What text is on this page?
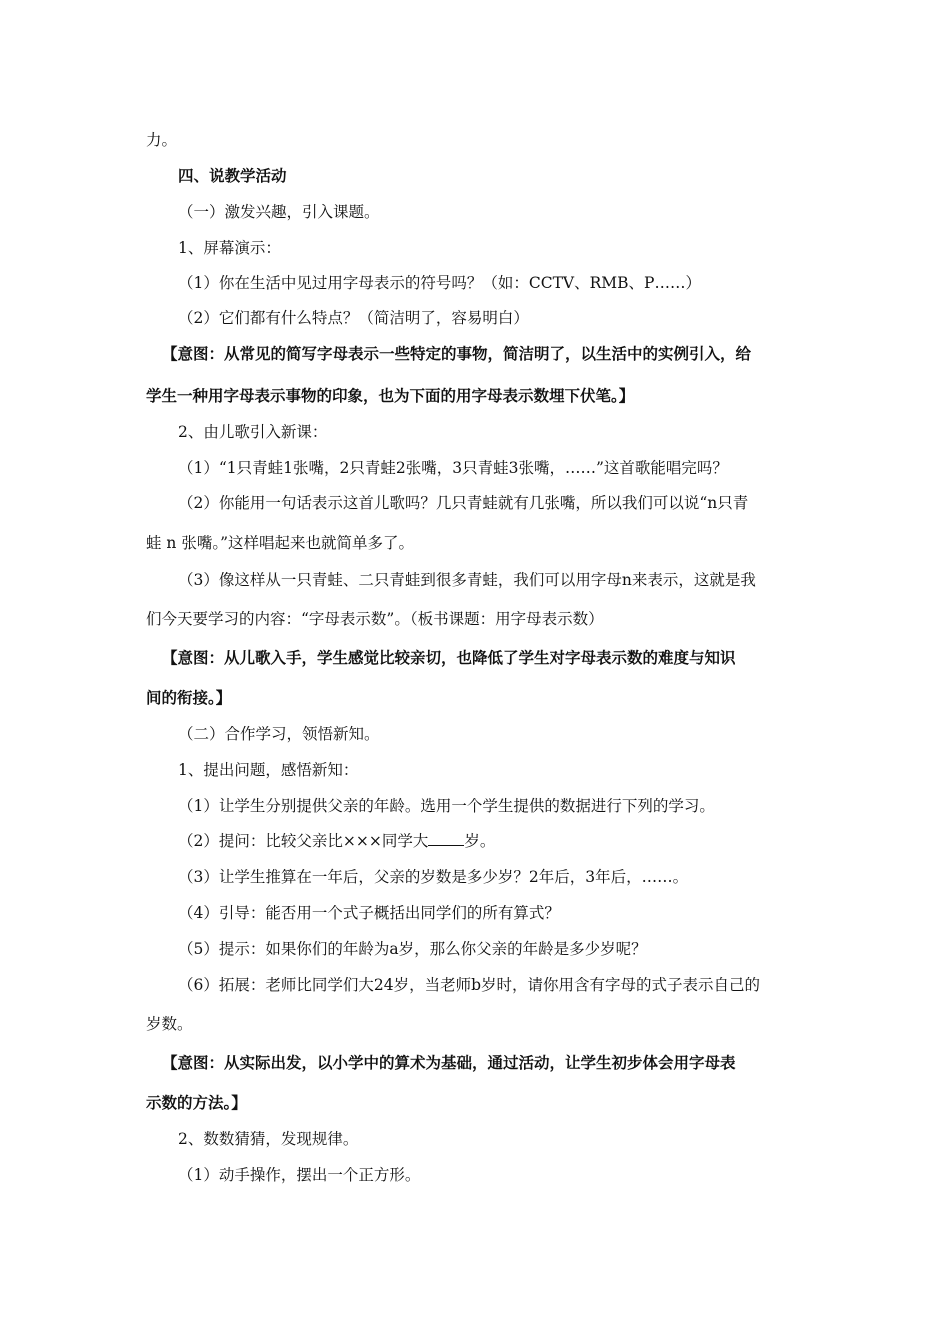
力。
四、说教学活动
（一）激发兴趣，引入课题。
1、屏幕演示：
（1）你在生活中见过用字母表示的符号吗？（如：CCTV、RMB、P……）
（2）它们都有什么特点？（简洁明了，容易明白）
【意图：从常见的简写字母表示一些特定的事物，简洁明了，以生活中的实例引入，给
学生一种用字母表示事物的印象，也为下面的用字母表示数埋下伏笔。】
2、由儿歌引入新课：
（1）“1只青蛙1张嘴，2只青蛙2张嘴，3只青蛙3张嘴，……”这首歌能唱完吗？
（2）你能用一句话表示这首儿歌吗？几只青蛙就有几张嘴，所以我们可以说“n只青
蛙 n 张嘴。”这样唱起来也就简单多了。
（3）像这样从一只青蛙、二只青蛙到很多青蛙，我们可以用字母n来表示，这就是我
们今天要学习的内容：“字母表示数”。（板书课题：用字母表示数）
【意图：从儿歌入手，学生感觉比较亲切，也降低了学生对字母表示数的难度与知识
间的衔接。】
（二）合作学习，领悟新知。
1、提出问题，感悟新知：
（1）让学生分别提供父亲的年龄。选用一个学生提供的数据进行下列的学习。
（2）提问：比较父亲比×××同学大 岁。
（3）让学生推算在一年后，父亲的岁数是多少岁？2年后，3年后，……。
（4）引导：能否用一个式子概括出同学们的所有算式？
（5）提示：如果你们的年龄为a岁，那么你父亲的年龄是多少岁呢？
（6）拓展：老师比同学们大24岁，当老师b岁时，请你用含有字母的式子表示自己的
岁数。
【意图：从实际出发，以小学中的算术为基础，通过活动，让学生初步体会用字母表
示数的方法。】
2、数数猜猜，发现规律。
（1）动手操作，摆出一个正方形。
